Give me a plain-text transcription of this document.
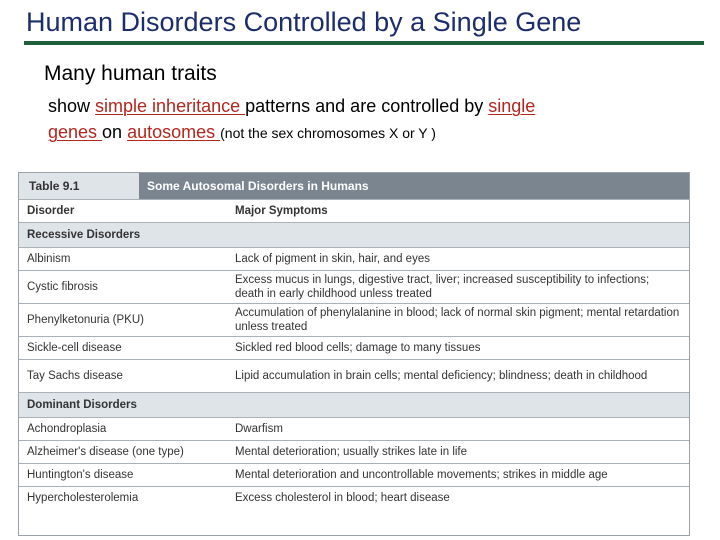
Human Disorders Controlled by a Single Gene
Many human traits
show simple inheritance patterns and are controlled by single
genes on autosomes (not the sex chromosomes X or Y )
Table 9.1	Some Autosomal Disorders in Humans
Disorder	Major Symptoms
Recessive Disorders	
Albinism	Lack of pigment in skin, hair, and eyes
Cystic fibrosis	Excess mucus in lungs, digestive tract, liver; increased susceptibility to infections; death in early childhood unless treated
Phenylketonuria (PKU)	Accumulation of phenylalanine in blood; lack of normal skin pigment; mental retardation unless treated
Sickle-cell disease	Sickled red blood cells; damage to many tissues
Tay Sachs disease	Lipid accumulation in brain cells; mental deficiency; blindness; death in childhood
Dominant Disorders	
Achondroplasia	Dwarfism
Alzheimer's disease (one type)	Mental deterioration; usually strikes late in life
Huntington's disease	Mental deterioration and uncontrollable movements; strikes in middle age
Hypercholesterolemia	Excess cholesterol in blood; heart disease
